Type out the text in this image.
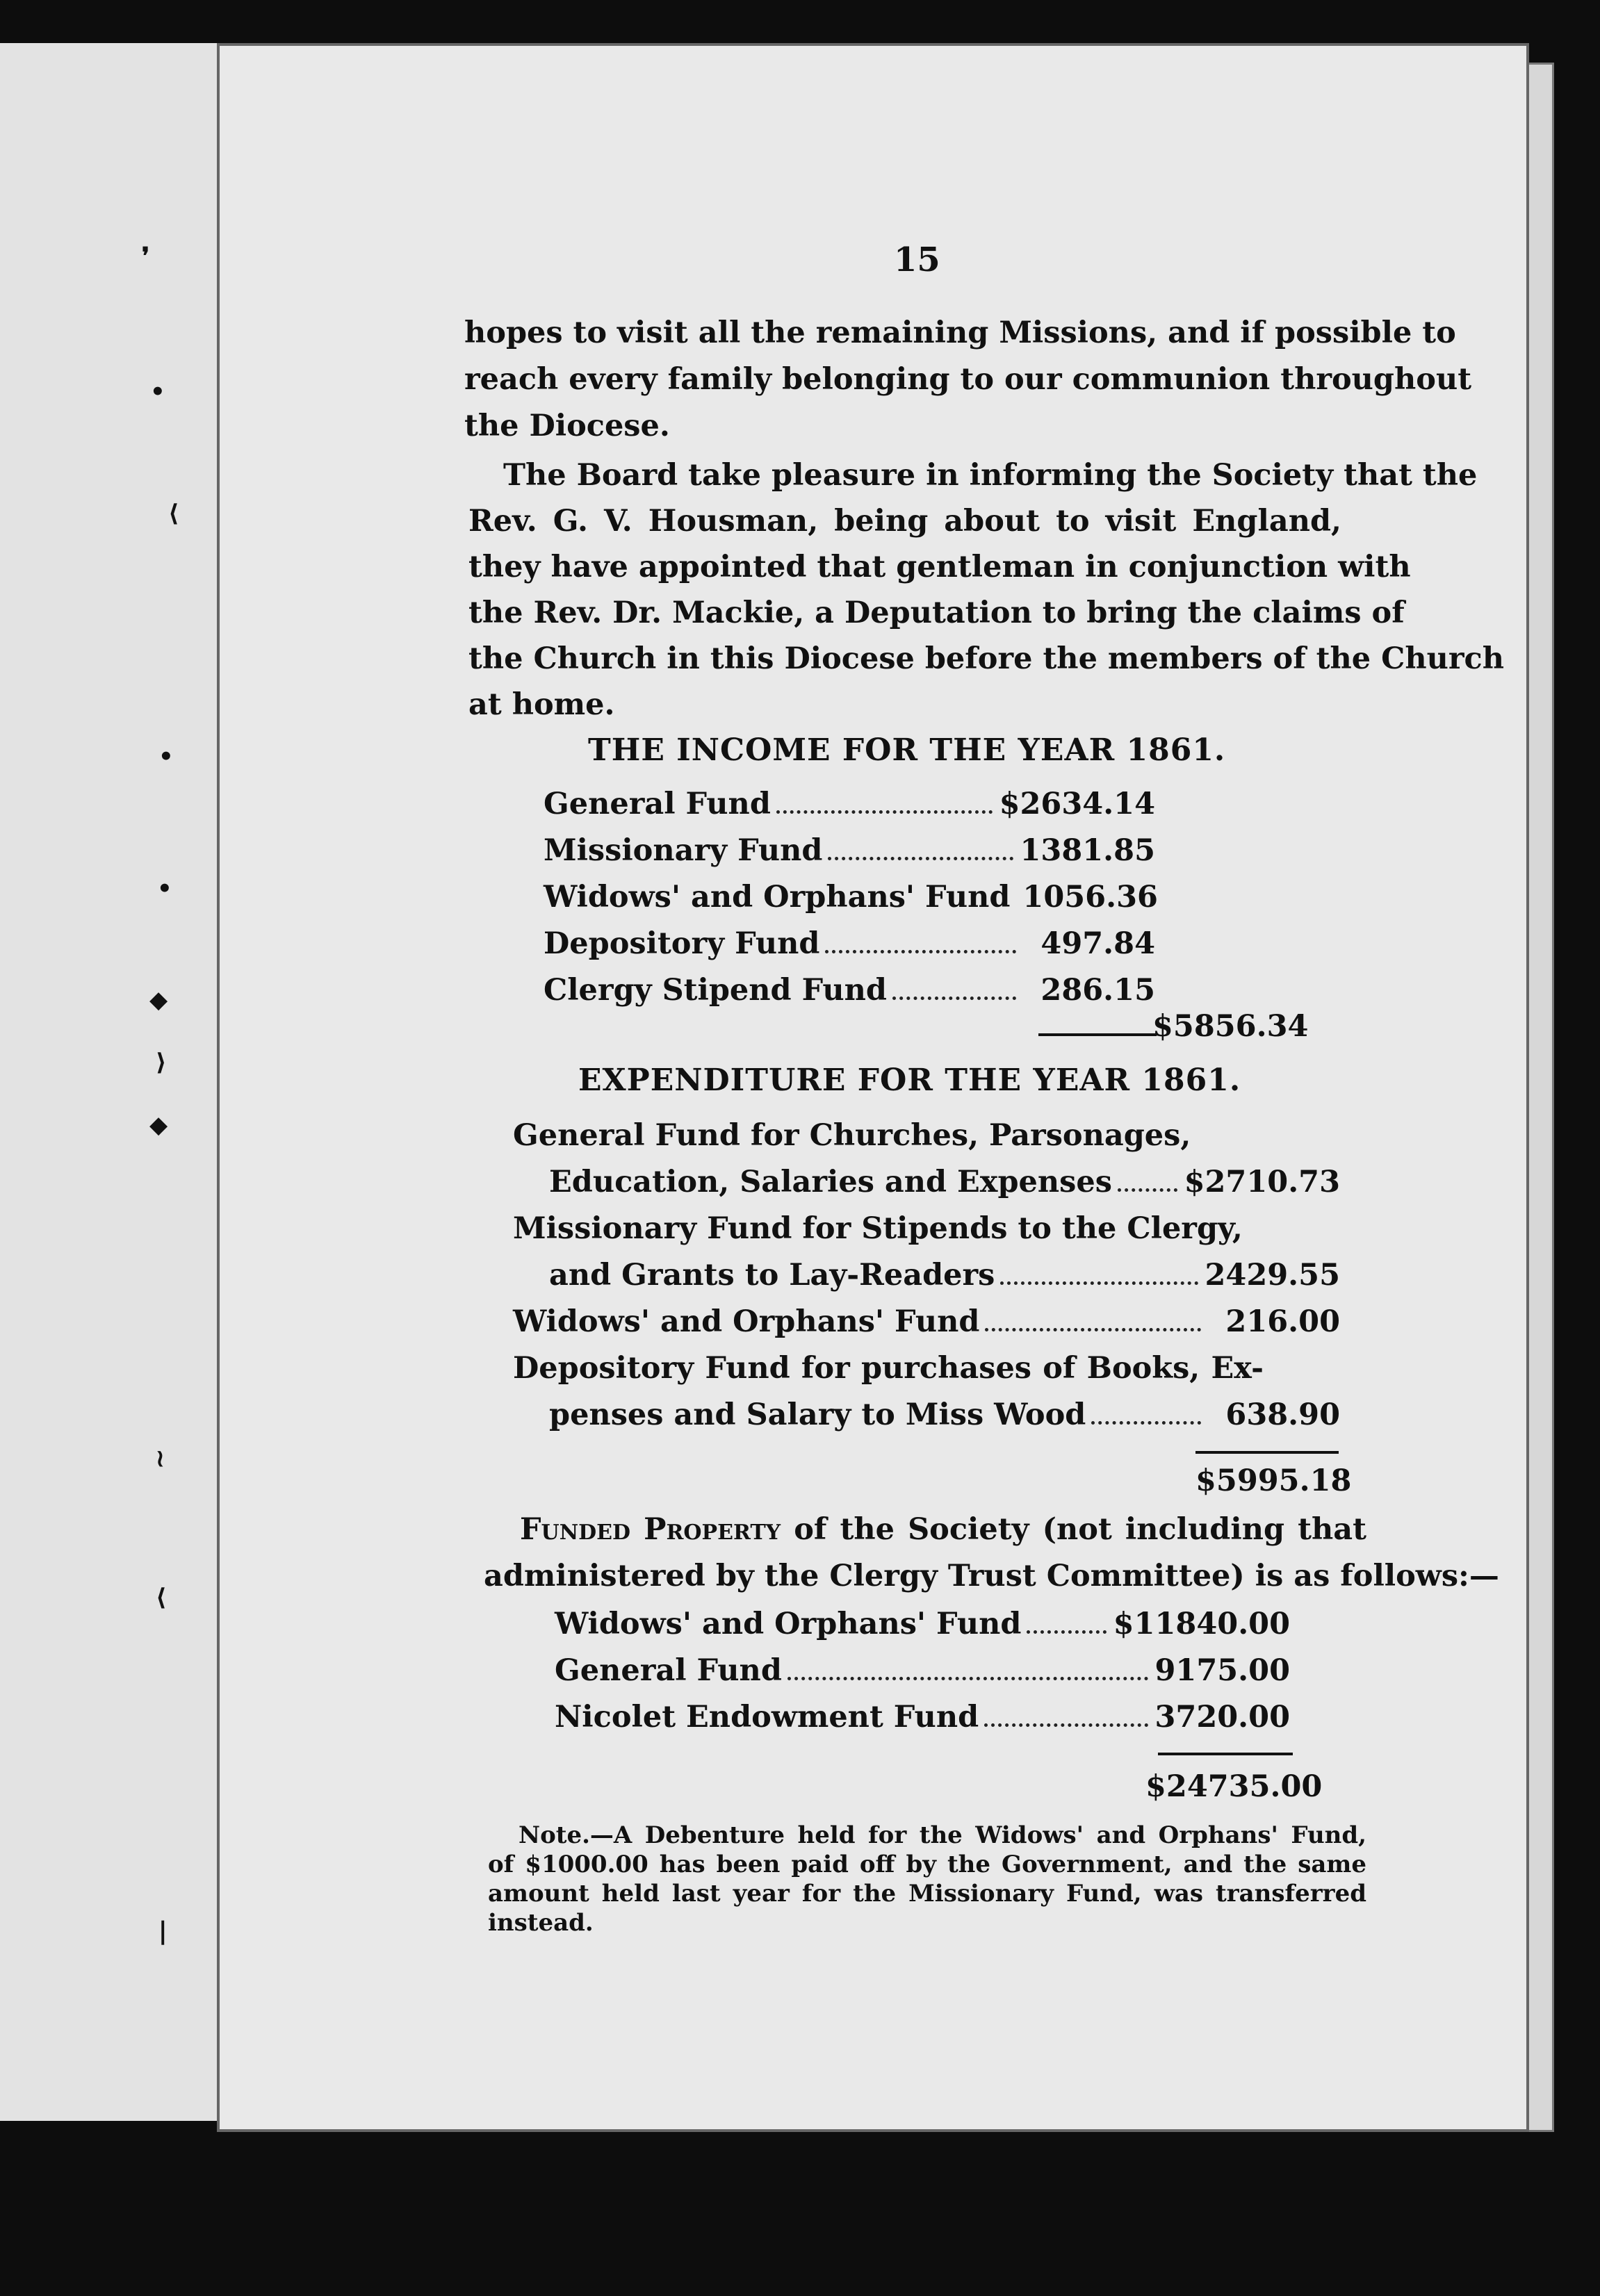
❜
•
⟨
•
•
◆
⟩
◆
≀
⟨
❘
15
hopes to visit all the remaining Missions, and if possible to
reach every family belonging to our communion throughout
the Diocese.
The Board take pleasure in informing the Society that the
Rev. G. V. Housman, being about to visit England,
they have appointed that gentleman in conjunction with
the Rev. Dr. Mackie, a Deputation to bring the claims of
the Church in this Diocese before the members of the Church
at home.
THE INCOME FOR THE YEAR 1861.
General Fund	$2634.14
Missionary Fund	1381.85
Widows' and Orphans' Fund 1056.36
Depository Fund	497.84
Clergy Stipend Fund	286.15
$5856.34
EXPENDITURE FOR THE YEAR 1861.
General Fund for Churches, Parsonages,
Education, Salaries and Expenses $2710.73
Missionary Fund for Stipends to the Clergy,
and Grants to Lay-Readers	2429.55
Widows' and Orphans' Fund	216.00
Depository Fund for purchases of Books, Ex-
penses and Salary to Miss Wood	638.90
$5995.18
Funded Property of the Society (not including that
administered by the Clergy Trust Committee) is as follows:—
Widows' and Orphans' Fund	$11840.00
General Fund	9175.00
Nicolet Endowment Fund	3720.00
$24735.00
Note.—A Debenture held for the Widows' and Orphans' Fund,
of $1000.00 has been paid off by the Government, and the same
amount held last year for the Missionary Fund, was transferred
instead.
